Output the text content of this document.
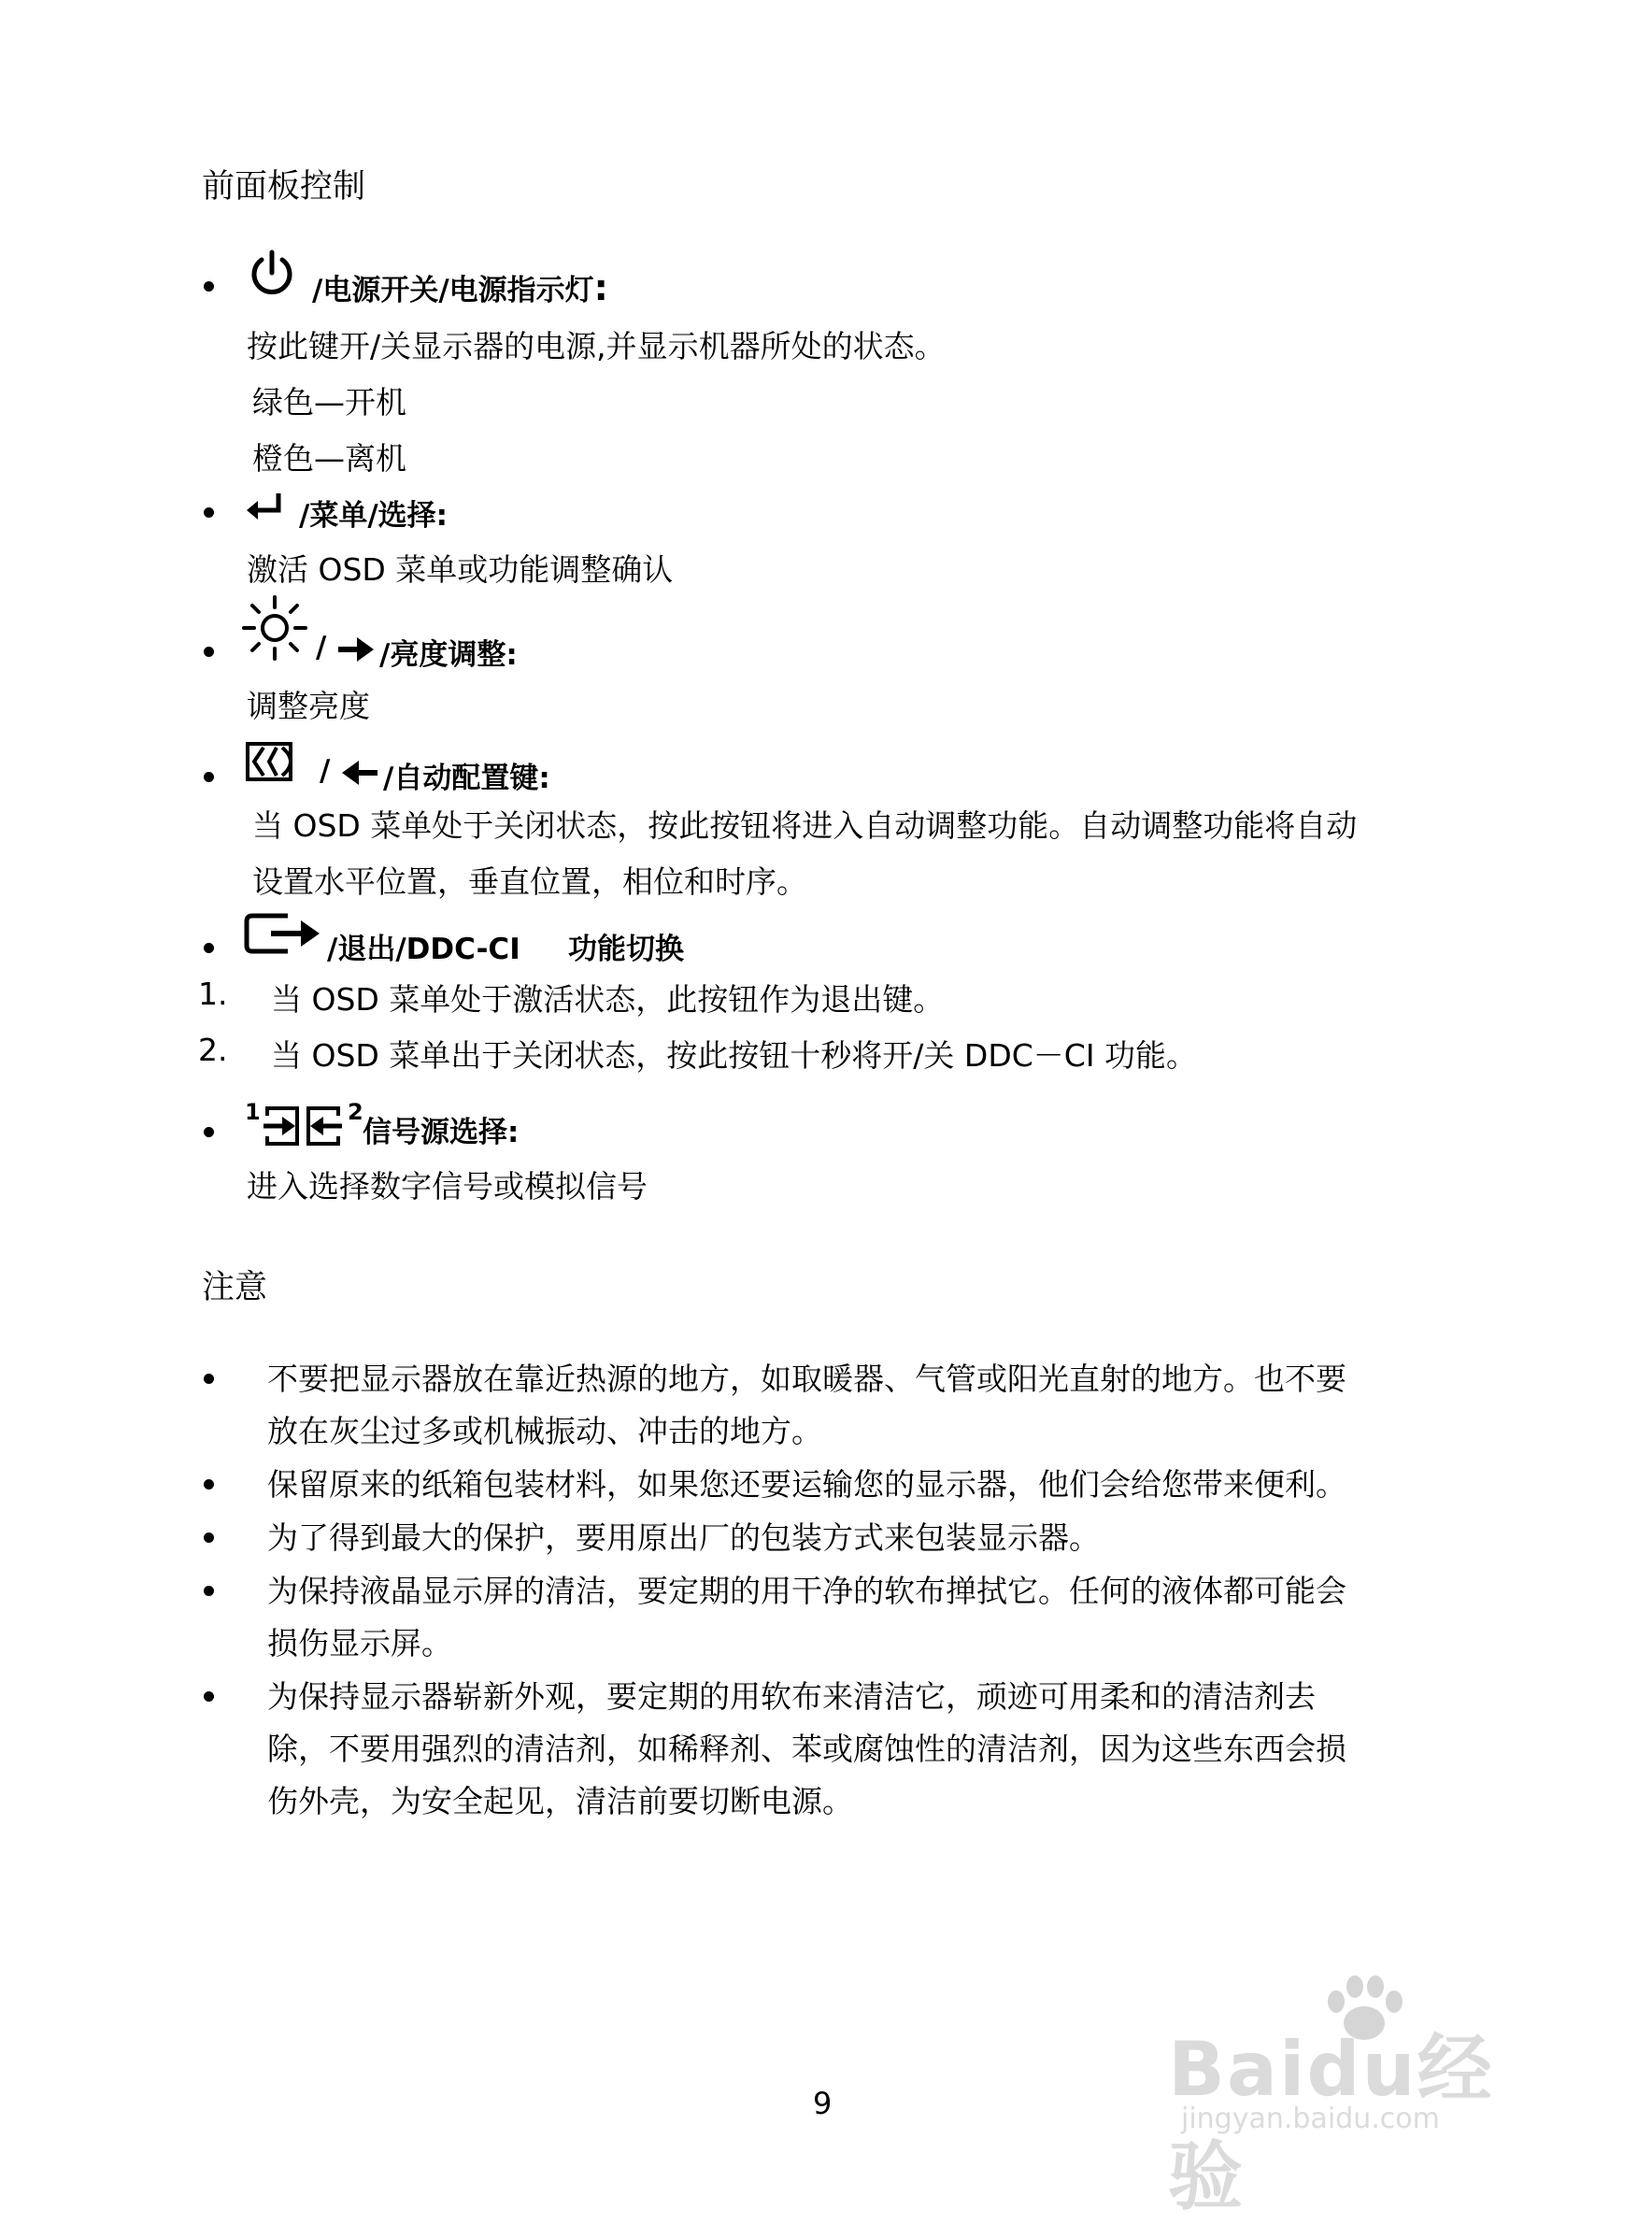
前面板控制
/电源开关/电源指示灯:
按此键开/关显示器的电源,并显示机器所处的状态。
绿色—开机
橙色—离机
/菜单/选择:
激活 OSD 菜单或功能调整确认
/ /亮度调整:
调整亮度
/ /自动配置键:
当 OSD 菜单处于关闭状态，按此按钮将进入自动调整功能。自动调整功能将自动
设置水平位置，垂直位置，相位和时序。
/退出/DDC-CI 功能切换
1. 当 OSD 菜单处于激活状态，此按钮作为退出键。
2. 当 OSD 菜单出于关闭状态，按此按钮十秒将开/关 DDC－CI 功能。
1	2
信号源选择:
进入选择数字信号或模拟信号
注意
不要把显示器放在靠近热源的地方，如取暖器、气管或阳光直射的地方。也不要
放在灰尘过多或机械振动、冲击的地方。
保留原来的纸箱包装材料，如果您还要运输您的显示器，他们会给您带来便利。
为了得到最大的保护，要用原出厂的包装方式来包装显示器。
为保持液晶显示屏的清洁，要定期的用干净的软布掸拭它。任何的液体都可能会
损伤显示屏。
为保持显示器崭新外观，要定期的用软布来清洁它，顽迹可用柔和的清洁剂去
除，不要用强烈的清洁剂，如稀释剂、苯或腐蚀性的清洁剂，因为这些东西会损
伤外壳，为安全起见，清洁前要切断电源。
Baidu经验
jingyan.baidu.com
9
